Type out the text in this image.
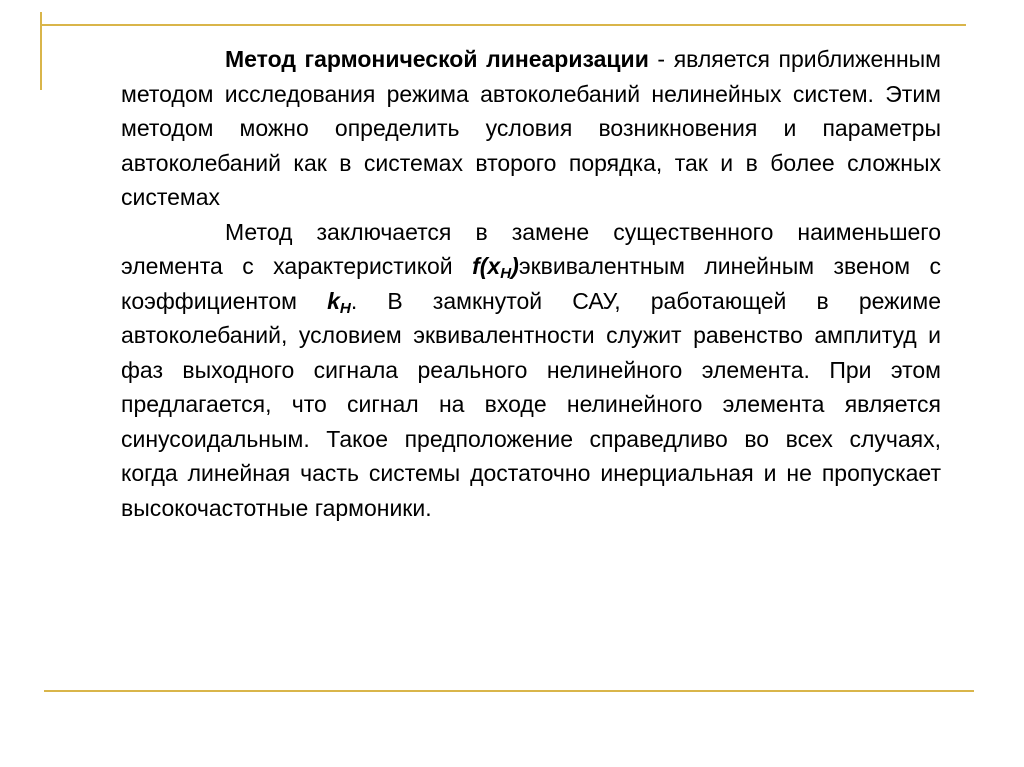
Метод гармонической линеаризации - является приближенным методом исследования режима автоколебаний нелинейных систем. Этим методом можно определить условия возникновения и параметры автоколебаний как в системах второго порядка, так и в более сложных системах

Метод заключается в замене существенного наименьшего элемента с характеристикой $f(x_H)эквивалентным$ линейным звеном с коэффициентом $k_H$. В замкнутой САУ, работающей в режиме автоколебаний, условием эквивалентности служит равенство амплитуд и фаз выходного сигнала реального нелинейного элемента. При этом предлагается, что сигнал на входе нелинейного элемента является синусоидальным. Такое предположение справедливо во всех случаях, когда линейная часть системы достаточно инерциальная и не пропускает высокочастотные гармоники.
